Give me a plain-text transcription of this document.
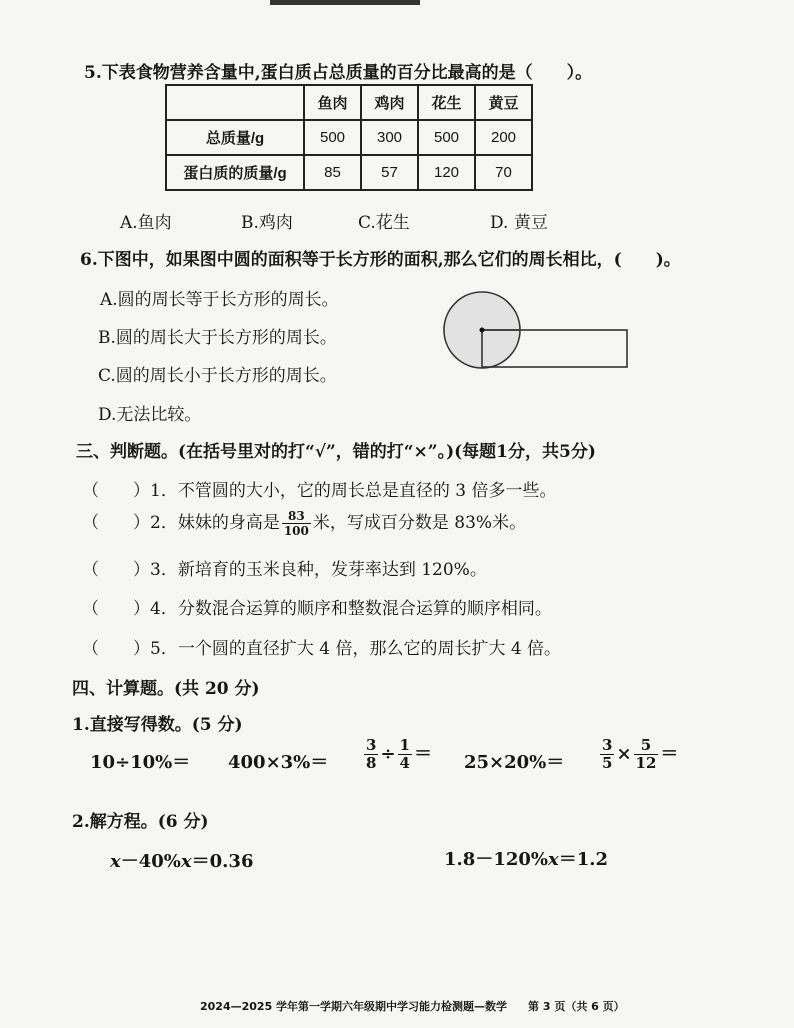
5.下表食物营养含量中,蛋白质占总质量的百分比最高的是（　　）。
	鱼肉	鸡肉	花生	黄豆
总质量/g	500	300	500	200
蛋白质的质量/g	85	57	120	70
A.鱼肉	B.鸡肉	C.花生	D. 黄豆
6.下图中，如果图中圆的面积等于长方形的面积,那么它们的周长相比，(　　)。
A.圆的周长等于长方形的周长。
B.圆的周长大于长方形的周长。
C.圆的周长小于长方形的周长。
D.无法比较。
三、判断题。(在括号里对的打“√”，错的打“×”。)(每题1分，共5分)
（　　）1．不管圆的大小，它的周长总是直径的 3 倍多一些。
（　　）2．妹妹的身高是 $\frac{83}{100}$ 米，写成百分数是 83%米。
（　　）3．新培育的玉米良种，发芽率达到 120%。
（　　）4．分数混合运算的顺序和整数混合运算的顺序相同。
（　　）5．一个圆的直径扩大 4 倍，那么它的周长扩大 4 倍。
四、计算题。(共 20 分)
1.直接写得数。(5 分)
$10\div 10\%= 400\times 3\%= \frac{3}{8} \div \frac{1}{4} = 25\times 20\%= \frac{3}{5} \times \frac{5}{12}$ ＝
2.解方程。(6 分)
x－40%x＝0.36	1.8－120%x＝1.2
2024—2025 学年第一学期六年级期中学习能力检测题—数学 第 3 页（共 6 页）
